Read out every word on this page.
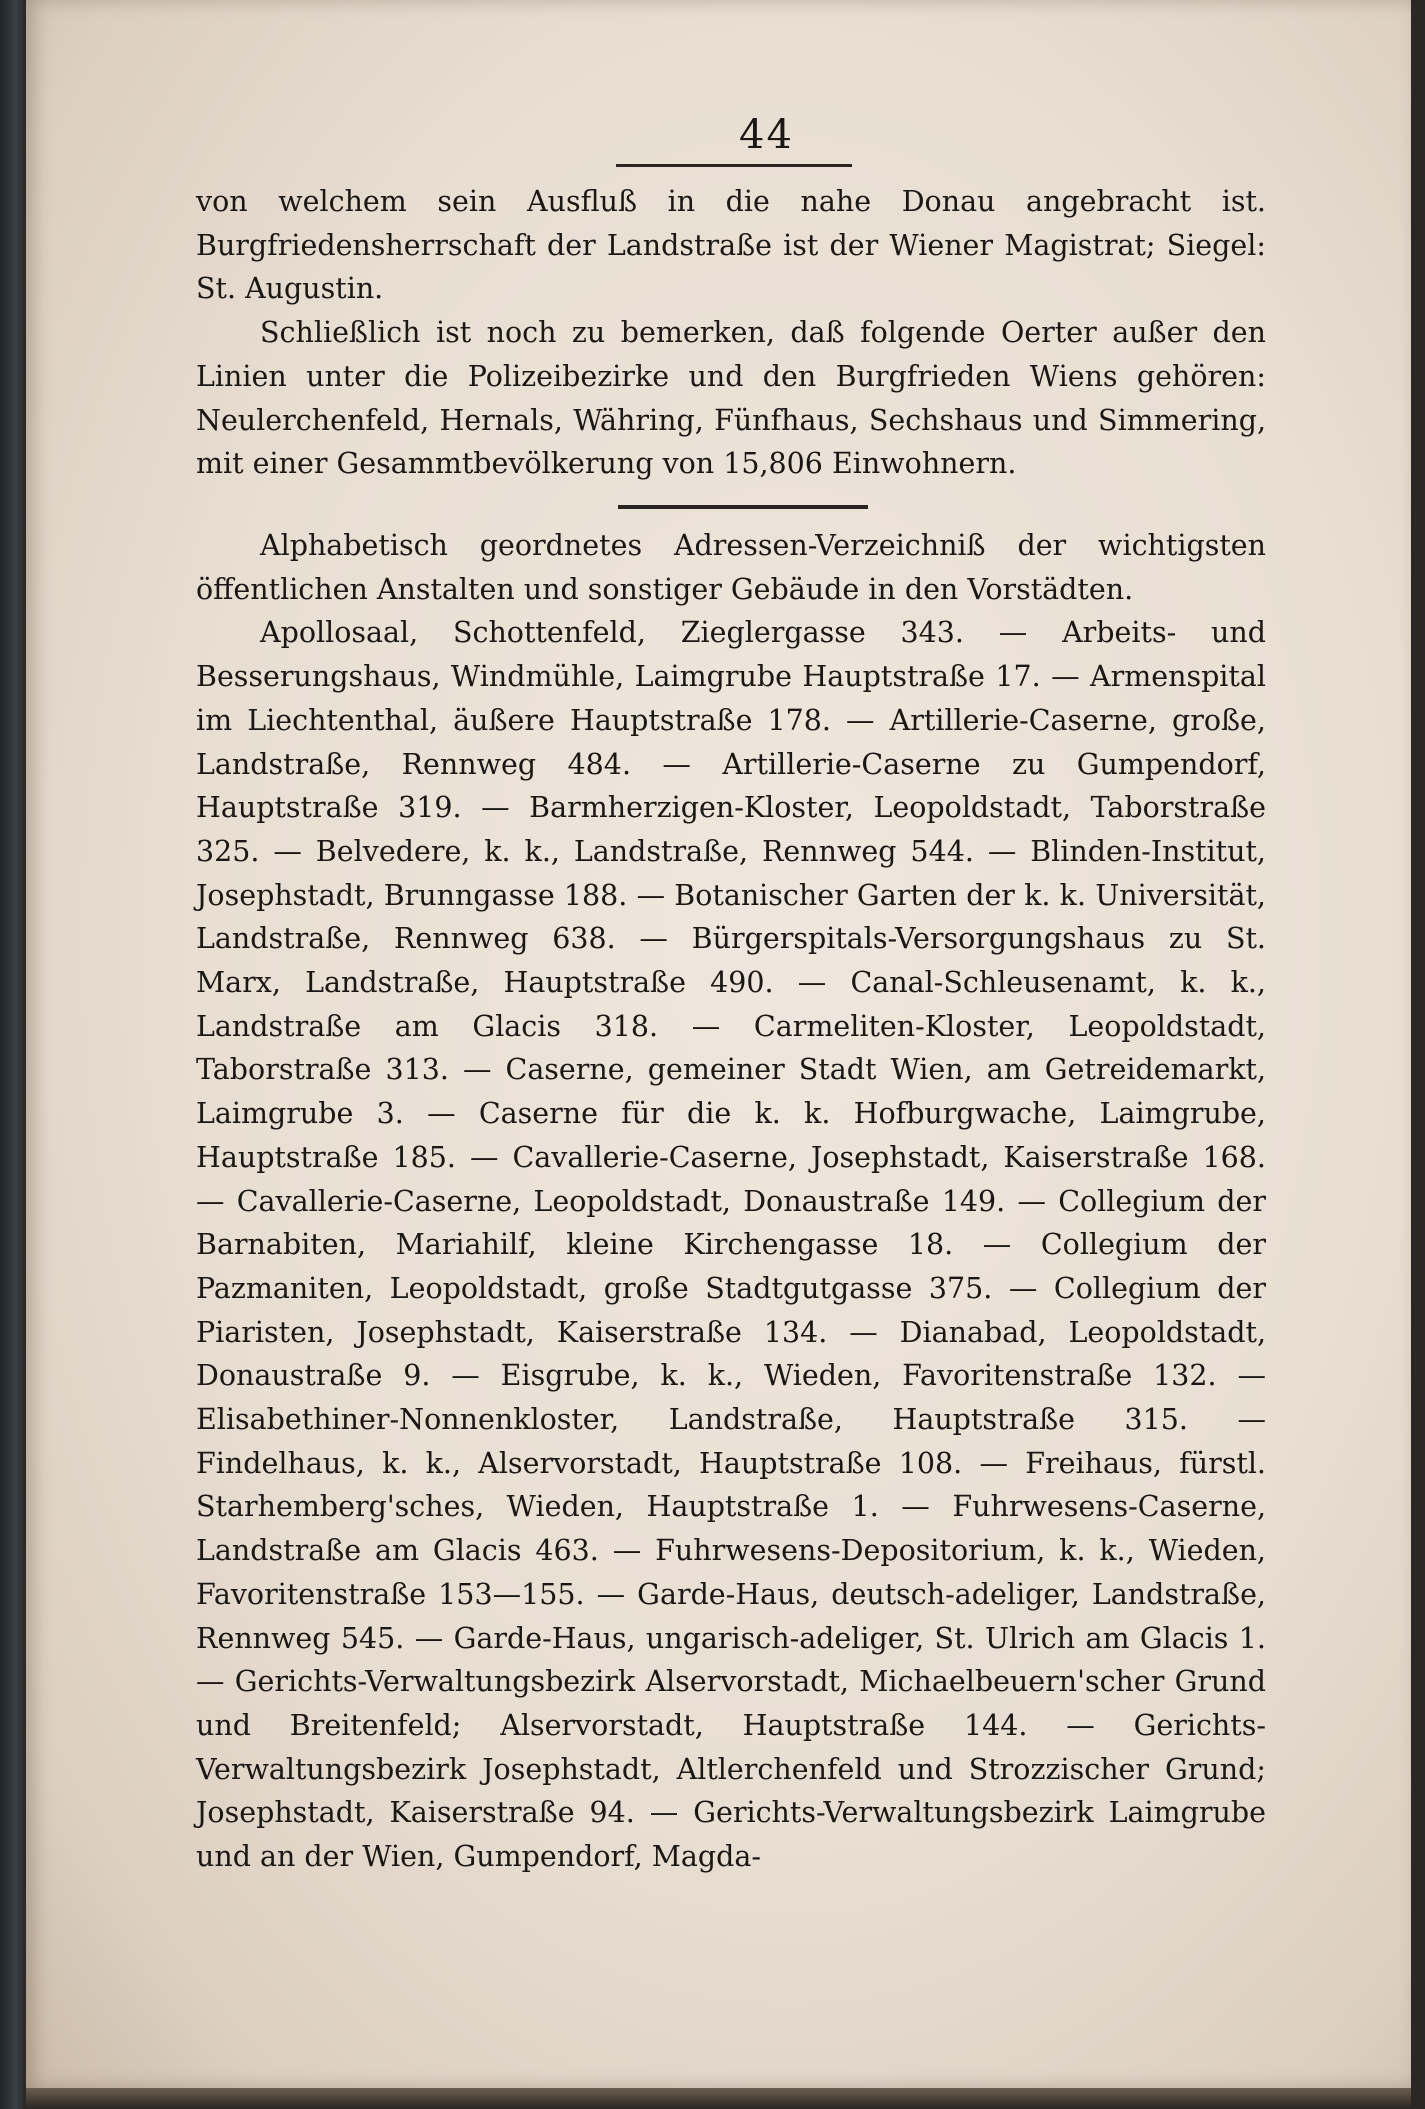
44

von welchem sein Ausfluß in die nahe Donau angebracht ist. Burgfriedensherrschaft der Landstraße ist der Wiener Magistrat; Siegel: St. Augustin.

Schließlich ist noch zu bemerken, daß folgende Oerter außer den Linien unter die Polizeibezirke und den Burgfrieden Wiens gehören: Neulerchenfeld, Hernals, Währing, Fünfhaus, Sechshaus und Simmering, mit einer Gesammtbevölkerung von 15,806 Einwohnern.

Alphabetisch geordnetes Adressen-Verzeichniß der wichtigsten öffentlichen Anstalten und sonstiger Gebäude in den Vorstädten.

Apollosaal, Schottenfeld, Zieglergasse 343. — Arbeits- und Besserungshaus, Windmühle, Laimgrube Hauptstraße 17. — Armenspital im Liechtenthal, äußere Hauptstraße 178. — Artillerie-Caserne, große, Landstraße, Rennweg 484. — Artillerie-Caserne zu Gumpendorf, Hauptstraße 319. — Barmherzigen-Kloster, Leopoldstadt, Taborstraße 325. — Belvedere, k. k., Landstraße, Rennweg 544. — Blinden-Institut, Josephstadt, Brunngasse 188. — Botanischer Garten der k. k. Universität, Landstraße, Rennweg 638. — Bürgerspitals-Versorgungshaus zu St. Marx, Landstraße, Hauptstraße 490. — Canal-Schleusenamt, k. k., Landstraße am Glacis 318. — Carmeliten-Kloster, Leopoldstadt, Taborstraße 313. — Caserne, gemeiner Stadt Wien, am Getreidemarkt, Laimgrube 3. — Caserne für die k. k. Hofburgwache, Laimgrube, Hauptstraße 185. — Cavallerie-Caserne, Josephstadt, Kaiserstraße 168. — Cavallerie-Caserne, Leopoldstadt, Donaustraße 149. — Collegium der Barnabiten, Mariahilf, kleine Kirchengasse 18. — Collegium der Pazmaniten, Leopoldstadt, große Stadtgutgasse 375. — Collegium der Piaristen, Josephstadt, Kaiserstraße 134. — Dianabad, Leopoldstadt, Donaustraße 9. — Eisgrube, k. k., Wieden, Favoritenstraße 132. — Elisabethiner-Nonnenkloster, Landstraße, Hauptstraße 315. — Findelhaus, k. k., Alservorstadt, Hauptstraße 108. — Freihaus, fürstl. Starhemberg'sches, Wieden, Hauptstraße 1. — Fuhrwesens-Caserne, Landstraße am Glacis 463. — Fuhrwesens-Depositorium, k. k., Wieden, Favoritenstraße 153—155. — Garde-Haus, deutsch-adeliger, Landstraße, Rennweg 545. — Garde-Haus, ungarisch-adeliger, St. Ulrich am Glacis 1. — Gerichts-Verwaltungsbezirk Alservorstadt, Michaelbeuern'scher Grund und Breitenfeld; Alservorstadt, Hauptstraße 144. — Gerichts-Verwaltungsbezirk Josephstadt, Altlerchenfeld und Strozzischer Grund; Josephstadt, Kaiserstraße 94. — Gerichts-Verwaltungsbezirk Laimgrube und an der Wien, Gumpendorf, Magda-
